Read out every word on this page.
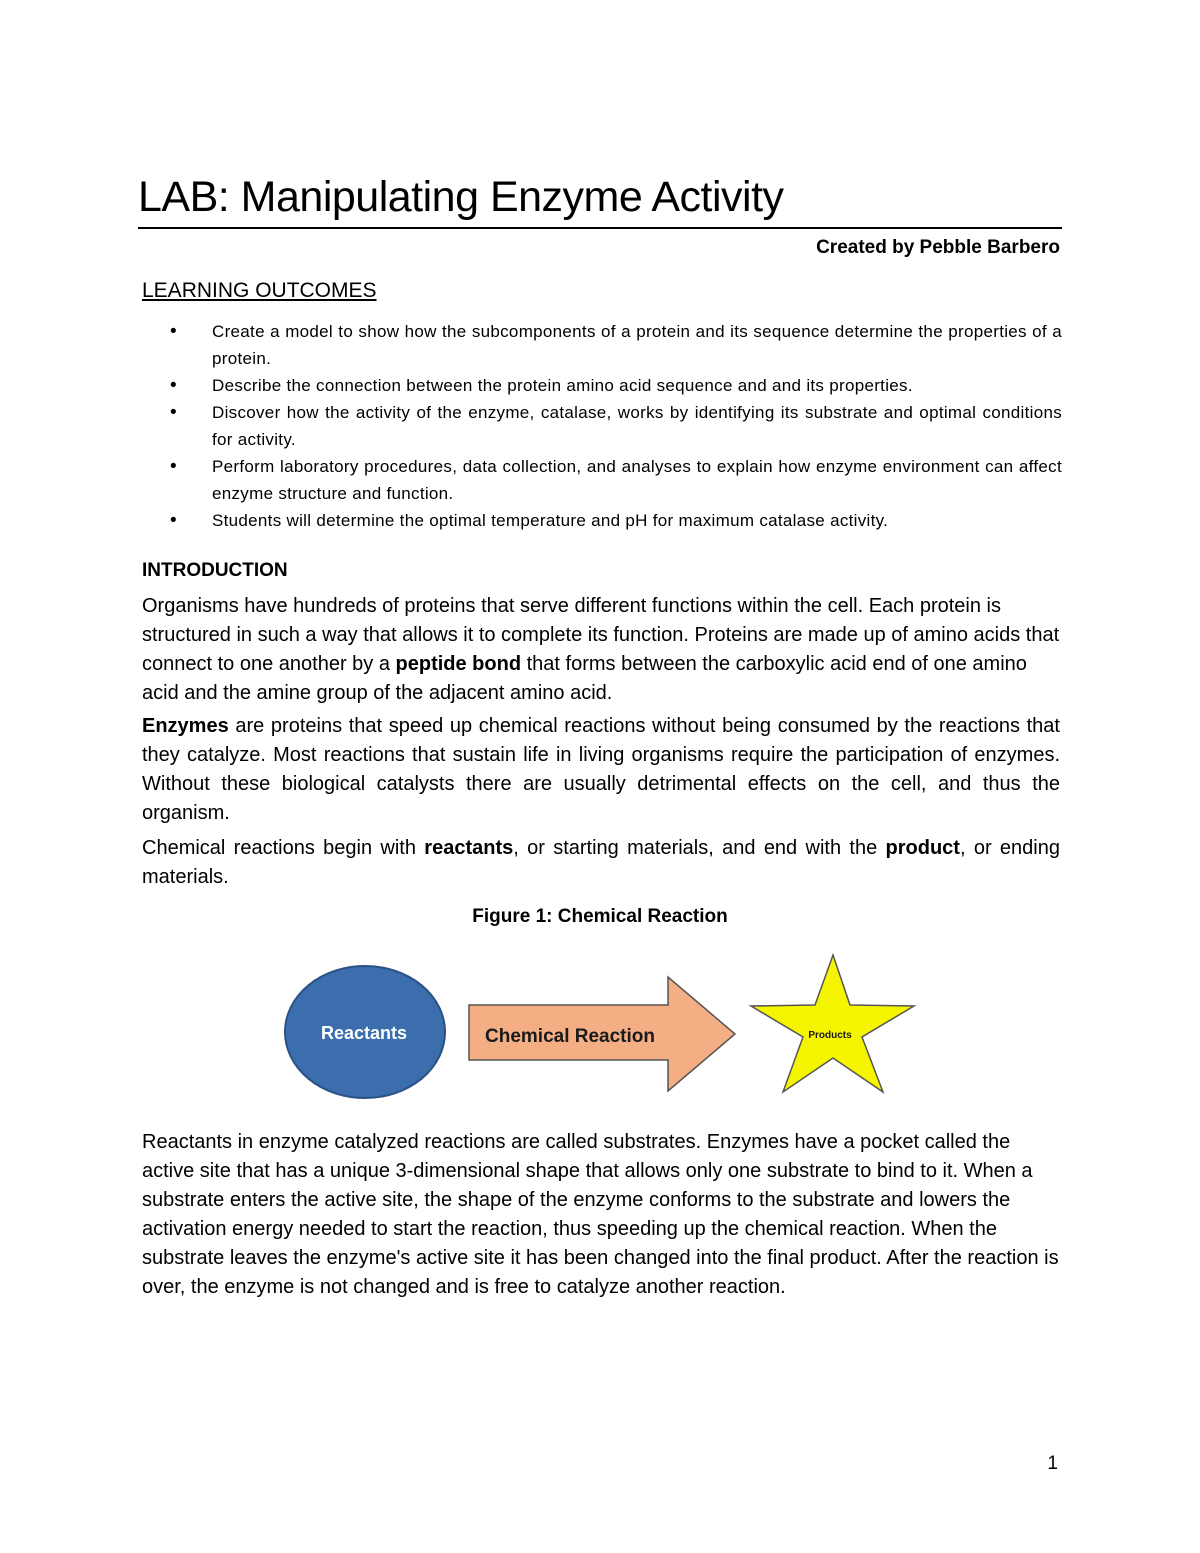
LAB: Manipulating Enzyme Activity
Created by Pebble Barbero
LEARNING OUTCOMES
• Create a model to show how the subcomponents of a protein and its sequence determine the properties of a protein.
• Describe the connection between the protein amino acid sequence and and its properties.
• Discover how the activity of the enzyme, catalase, works by identifying its substrate and optimal conditions for activity.
• Perform laboratory procedures, data collection, and analyses to explain how enzyme environment can affect enzyme structure and function.
• Students will determine the optimal temperature and pH for maximum catalase activity.
INTRODUCTION

Organisms have hundreds of proteins that serve different functions within the cell. Each protein is structured in such a way that allows it to complete its function. Proteins are made up of amino acids that connect to one another by a peptide bond that forms between the carboxylic acid end of one amino acid and the amine group of the adjacent amino acid.

Enzymes are proteins that speed up chemical reactions without being consumed by the reactions that they catalyze. Most reactions that sustain life in living organisms require the participation of enzymes. Without these biological catalysts there are usually detrimental effects on the cell, and thus the organism.

Chemical reactions begin with reactants, or starting materials, and end with the product, or ending materials.

Figure 1: Chemical Reaction
Reactants	Chemical Reaction	Products

Reactants in enzyme catalyzed reactions are called substrates. Enzymes have a pocket called the active site that has a unique 3-dimensional shape that allows only one substrate to bind to it. When a substrate enters the active site, the shape of the enzyme conforms to the substrate and lowers the activation energy needed to start the reaction, thus speeding up the chemical reaction. When the substrate leaves the enzyme's active site it has been changed into the final product. After the reaction is over, the enzyme is not changed and is free to catalyze another reaction.

1
